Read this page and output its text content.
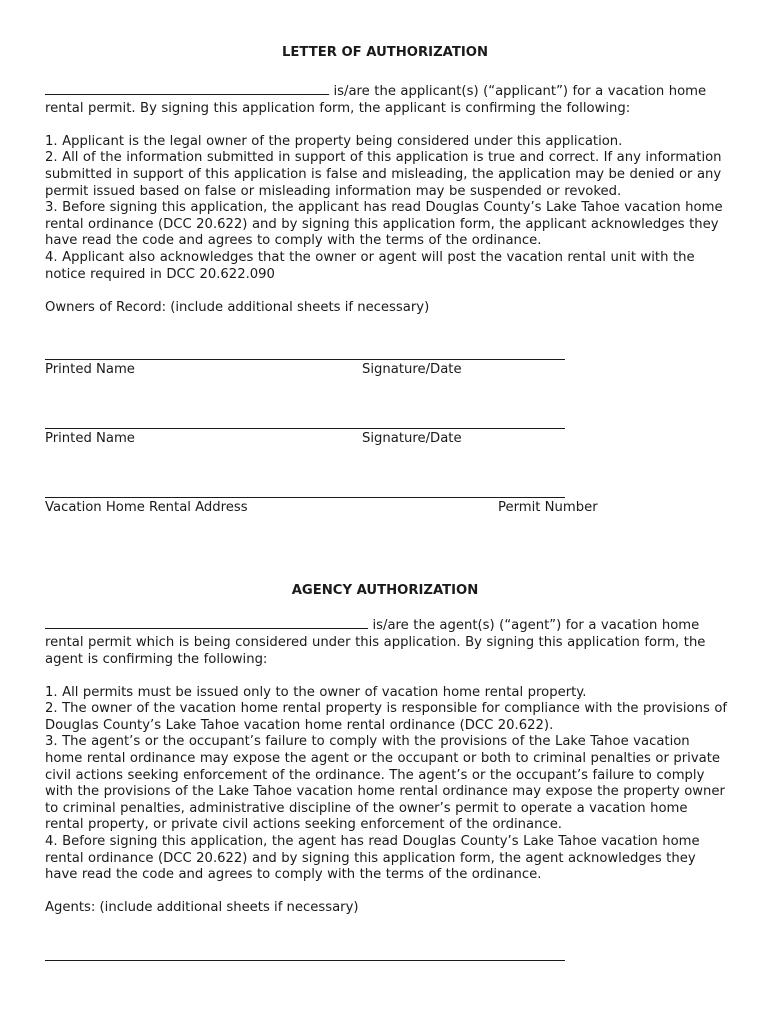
LETTER OF AUTHORIZATION
is/are the applicant(s) (“applicant”) for a vacation home rental permit. By signing this application form, the applicant is confirming the following:
1. Applicant is the legal owner of the property being considered under this application.
2. All of the information submitted in support of this application is true and correct. If any information submitted in support of this application is false and misleading, the application may be denied or any permit issued based on false or misleading information may be suspended or revoked.
3. Before signing this application, the applicant has read Douglas County’s Lake Tahoe vacation home rental ordinance (DCC 20.622) and by signing this application form, the applicant acknowledges they have read the code and agrees to comply with the terms of the ordinance.
4. Applicant also acknowledges that the owner or agent will post the vacation rental unit with the notice required in DCC 20.622.090
Owners of Record: (include additional sheets if necessary)
Printed Name	Signature/Date
Printed Name	Signature/Date
Vacation Home Rental Address	Permit Number
AGENCY AUTHORIZATION
is/are the agent(s) (“agent”) for a vacation home rental permit which is being considered under this application. By signing this application form, the agent is confirming the following:
1. All permits must be issued only to the owner of vacation home rental property.
2. The owner of the vacation home rental property is responsible for compliance with the provisions of Douglas County’s Lake Tahoe vacation home rental ordinance (DCC 20.622).
3. The agent’s or the occupant’s failure to comply with the provisions of the Lake Tahoe vacation home rental ordinance may expose the agent or the occupant or both to criminal penalties or private civil actions seeking enforcement of the ordinance. The agent’s or the occupant’s failure to comply with the provisions of the Lake Tahoe vacation home rental ordinance may expose the property owner to criminal penalties, administrative discipline of the owner’s permit to operate a vacation home rental property, or private civil actions seeking enforcement of the ordinance.
4. Before signing this application, the agent has read Douglas County’s Lake Tahoe vacation home rental ordinance (DCC 20.622) and by signing this application form, the agent acknowledges they have read the code and agrees to comply with the terms of the ordinance.
Agents: (include additional sheets if necessary)
